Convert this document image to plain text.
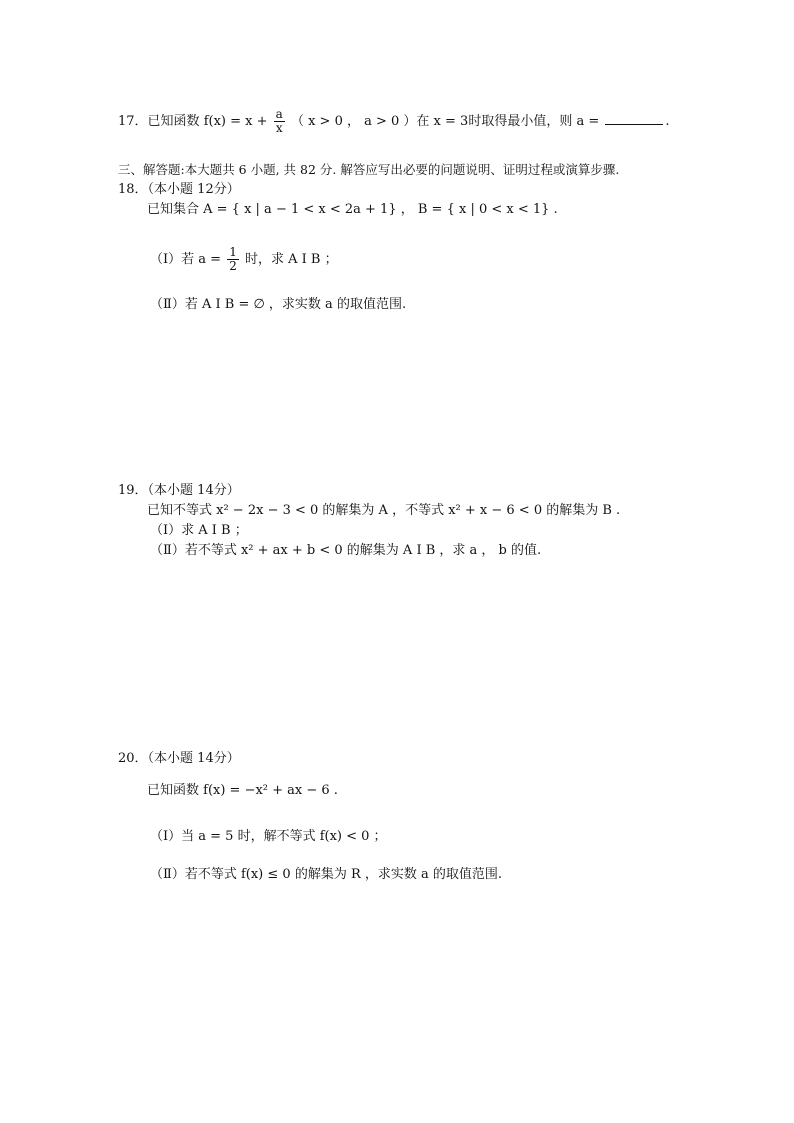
17．已知函数 $f(x) = x + \frac{a}{x}$ （ x > 0 ， a > 0 ）在 x = 3时取得最小值，则 a =	.
三、解答题:本大题共 6 小题, 共 82 分. 解答应写出必要的问题说明、证明过程或演算步骤.
18．（本小题 12分）
已知集合 A = { x | a − 1 < x < 2a + 1} ， B = { x | 0 < x < 1} .
（Ⅰ）若 $a = \frac{1}{2}$ 时，求 A I B ；
（Ⅱ）若 A I B = ∅ ，求实数 a 的取值范围.
19．（本小题 14分）
已知不等式 x² − 2x − 3 < 0 的解集为 A ，不等式 x² + x − 6 < 0 的解集为 B .
（Ⅰ）求 A I B ；
（Ⅱ）若不等式 x² + ax + b < 0 的解集为 A I B ，求 a ， b 的值.
20．（本小题 14分）
已知函数 f(x) = −x² + ax − 6 .
（Ⅰ）当 a = 5 时，解不等式 f(x) < 0 ；
（Ⅱ）若不等式 f(x) ≤ 0 的解集为 R ，求实数 a 的取值范围.
